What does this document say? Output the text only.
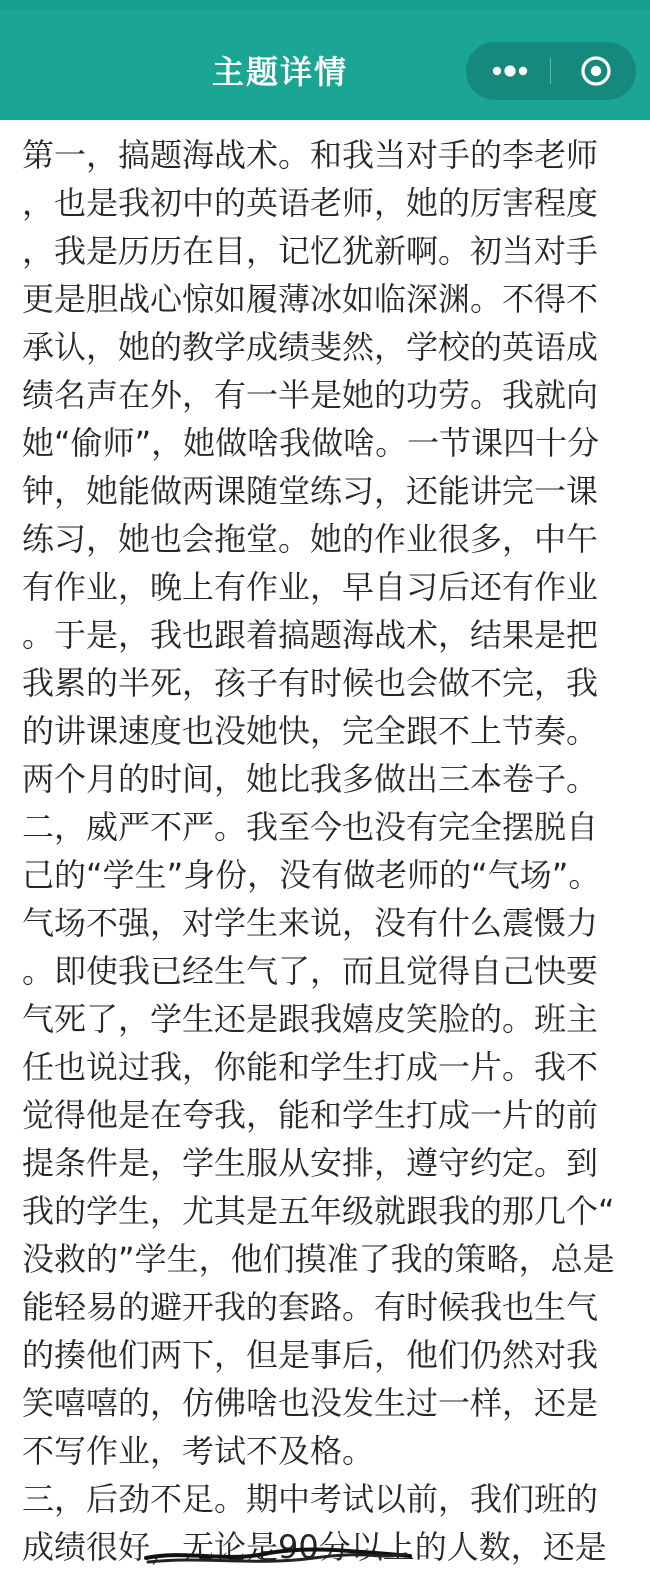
主题详情
第一，搞题海战术。和我当对手的李老师
，也是我初中的英语老师，她的厉害程度
，我是历历在目，记忆犹新啊。初当对手
更是胆战心惊如履薄冰如临深渊。不得不
承认，她的教学成绩斐然，学校的英语成
绩名声在外，有一半是她的功劳。我就向
她“偷师”，她做啥我做啥。一节课四十分
钟，她能做两课随堂练习，还能讲完一课
练习，她也会拖堂。她的作业很多，中午
有作业，晚上有作业，早自习后还有作业
。于是，我也跟着搞题海战术，结果是把
我累的半死，孩子有时候也会做不完，我
的讲课速度也没她快，完全跟不上节奏。
两个月的时间，她比我多做出三本卷子。
二，威严不严。我至今也没有完全摆脱自
己的“学生”身份，没有做老师的“气场”。
气场不强，对学生来说，没有什么震慑力
。即使我已经生气了，而且觉得自己快要
气死了，学生还是跟我嬉皮笑脸的。班主
任也说过我，你能和学生打成一片。我不
觉得他是在夸我，能和学生打成一片的前
提条件是，学生服从安排，遵守约定。到
我的学生，尤其是五年级就跟我的那几个“
没救的”学生，他们摸准了我的策略，总是
能轻易的避开我的套路。有时候我也生气
的揍他们两下，但是事后，他们仍然对我
笑嘻嘻的，仿佛啥也没发生过一样，还是
不写作业，考试不及格。
三，后劲不足。期中考试以前，我们班的
成绩很好，无论是90分以上的人数，还是
